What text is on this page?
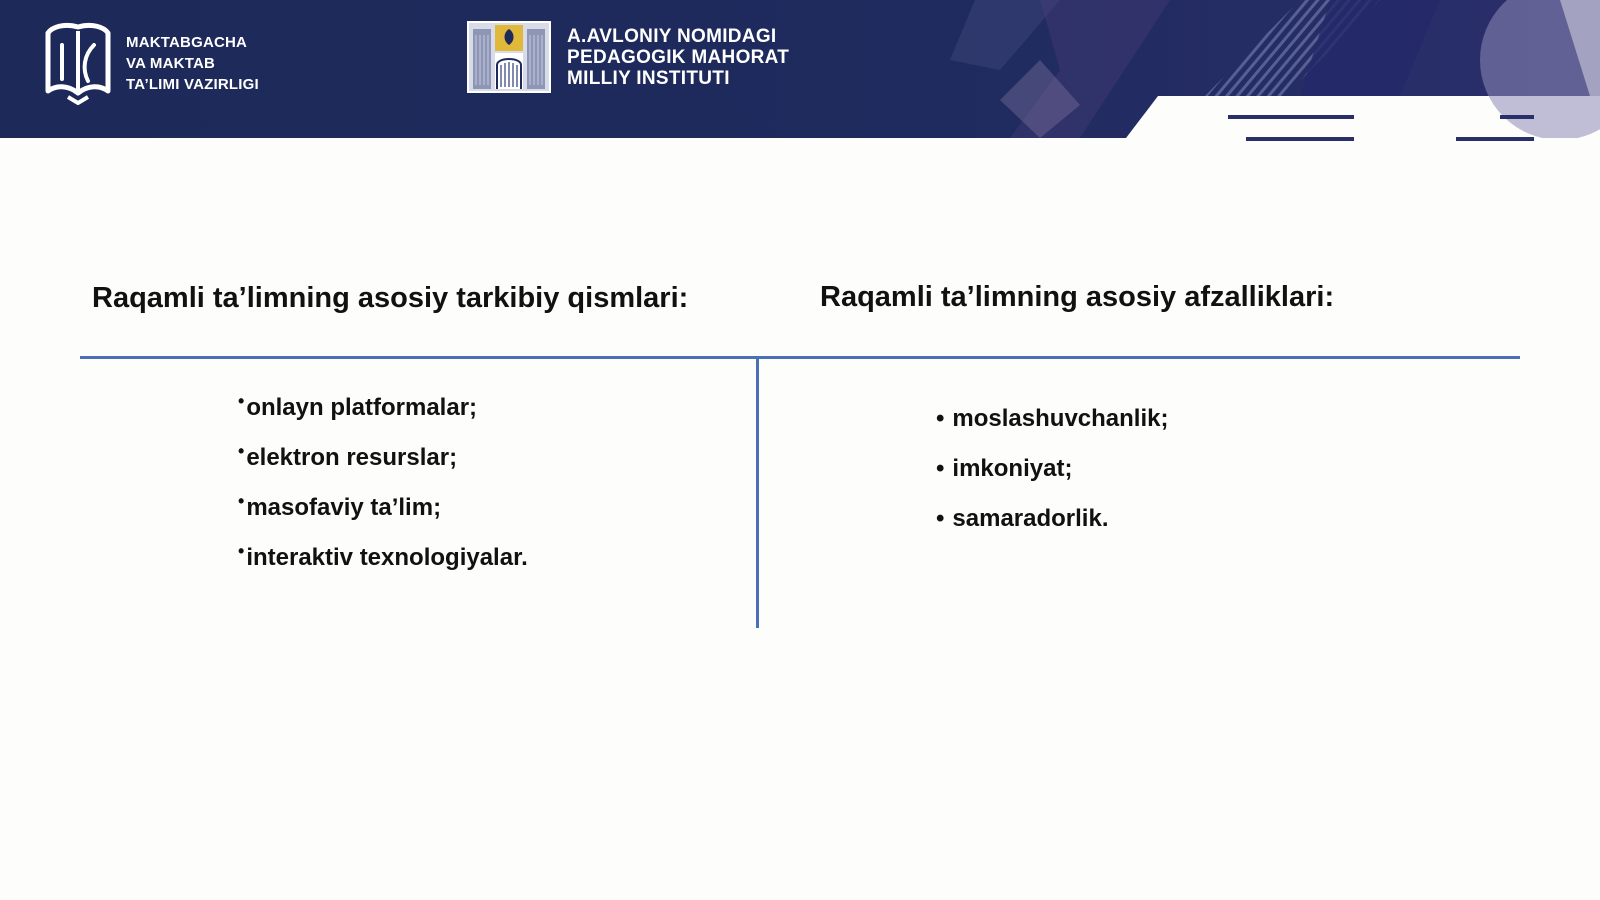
MAKTABGACHA
VA MAKTAB
TA’LIMI VAZIRLIGI
A.AVLONIY NOMIDAGI
PEDAGOGIK MAHORAT
MILLIY INSTITUTI
Raqamli ta’limning asosiy tarkibiy qismlari:	Raqamli ta’limning asosiy afzalliklari:
•onlayn platformalar;
•elektron resurslar;
•masofaviy ta’lim;
•interaktiv texnologiyalar.
• moslashuvchanlik;
• imkoniyat;
• samaradorlik.
